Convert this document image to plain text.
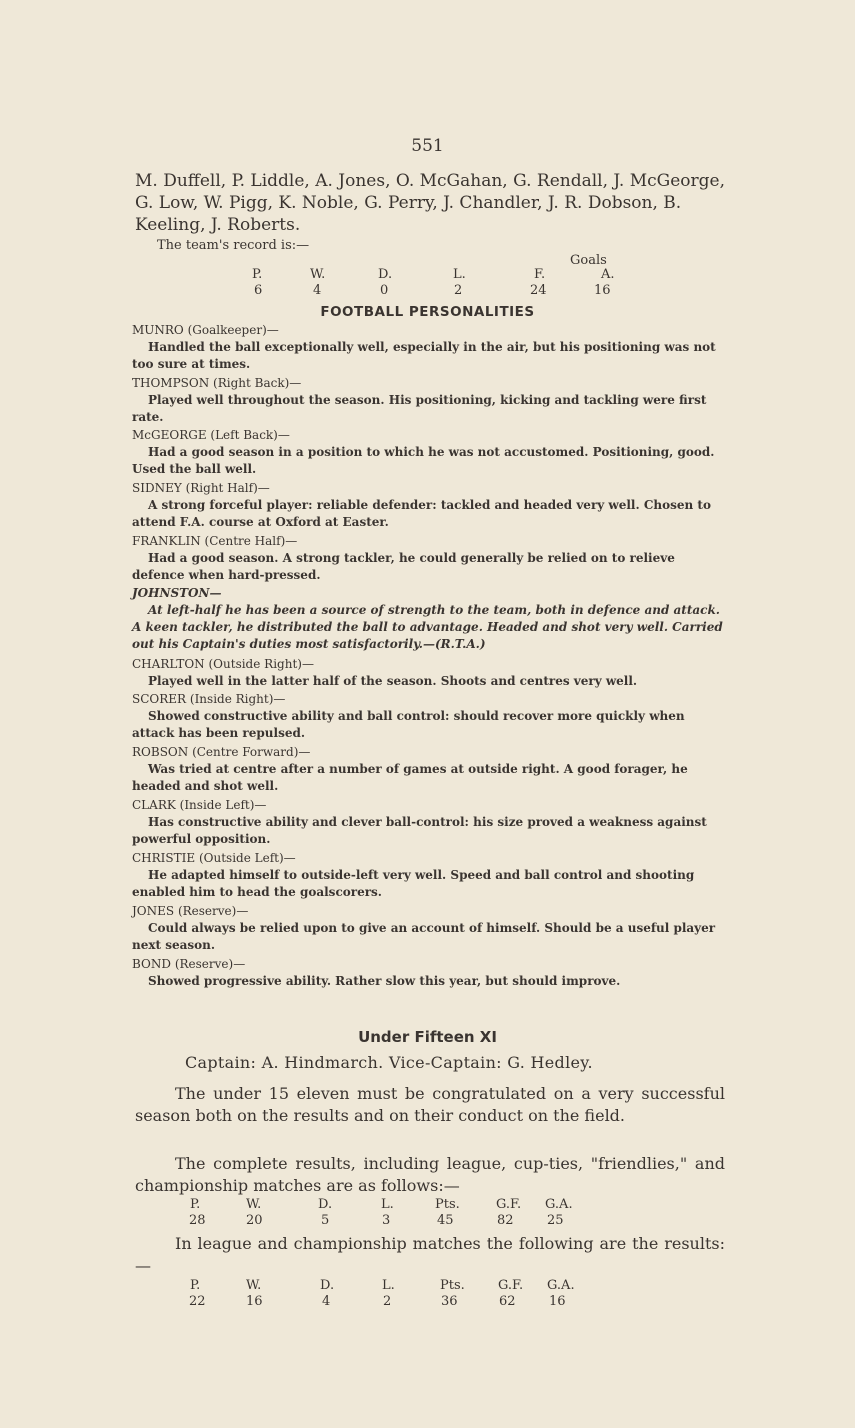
551
M. Duffell, P. Liddle, A. Jones, O. McGahan, G. Rendall, J. McGeorge, G. Low, W. Pigg, K. Noble, G. Perry, J. Chandler, J. R. Dobson, B. Keeling, J. Roberts.
The team's record is:—
Goals
P.	W.	D.	L.	F.	A.
6	4	0	2	24	16
FOOTBALL PERSONALITIES
MUNRO (Goalkeeper)—
Handled the ball exceptionally well, especially in the air, but his positioning was not too sure at times.
THOMPSON (Right Back)—
Played well throughout the season. His positioning, kicking and tackling were first rate.
McGEORGE (Left Back)—
Had a good season in a position to which he was not accustomed. Positioning, good. Used the ball well.
SIDNEY (Right Half)—
A strong forceful player: reliable defender: tackled and headed very well. Chosen to attend F.A. course at Oxford at Easter.
FRANKLIN (Centre Half)—
Had a good season. A strong tackler, he could generally be relied on to relieve defence when hard-pressed.
JOHNSTON—
At left-half he has been a source of strength to the team, both in defence and attack. A keen tackler, he distributed the ball to advantage. Headed and shot very well. Carried out his Captain's duties most satisfactorily.—(R.T.A.)
CHARLTON (Outside Right)—
Played well in the latter half of the season. Shoots and centres very well.
SCORER (Inside Right)—
Showed constructive ability and ball control: should recover more quickly when attack has been repulsed.
ROBSON (Centre Forward)—
Was tried at centre after a number of games at outside right. A good forager, he headed and shot well.
CLARK (Inside Left)—
Has constructive ability and clever ball-control: his size proved a weakness against powerful opposition.
CHRISTIE (Outside Left)—
He adapted himself to outside-left very well. Speed and ball control and shooting enabled him to head the goalscorers.
JONES (Reserve)—
Could always be relied upon to give an account of himself. Should be a useful player next season.
BOND (Reserve)—
Showed progressive ability. Rather slow this year, but should improve.
Under Fifteen XI
Captain: A. Hindmarch. Vice-Captain: G. Hedley.
The under 15 eleven must be congratulated on a very successful season both on the results and on their conduct on the field.
The complete results, including league, cup-ties, "friendlies," and championship matches are as follows:—
P.	W.	D.	L.	Pts.	G.F. G.A.
28	20	5	3	45	82	25
In league and championship matches the following are the results:—
P.	W.	D.	L.	Pts.	G.F. G.A.
22	16	4	2	36	62	16
